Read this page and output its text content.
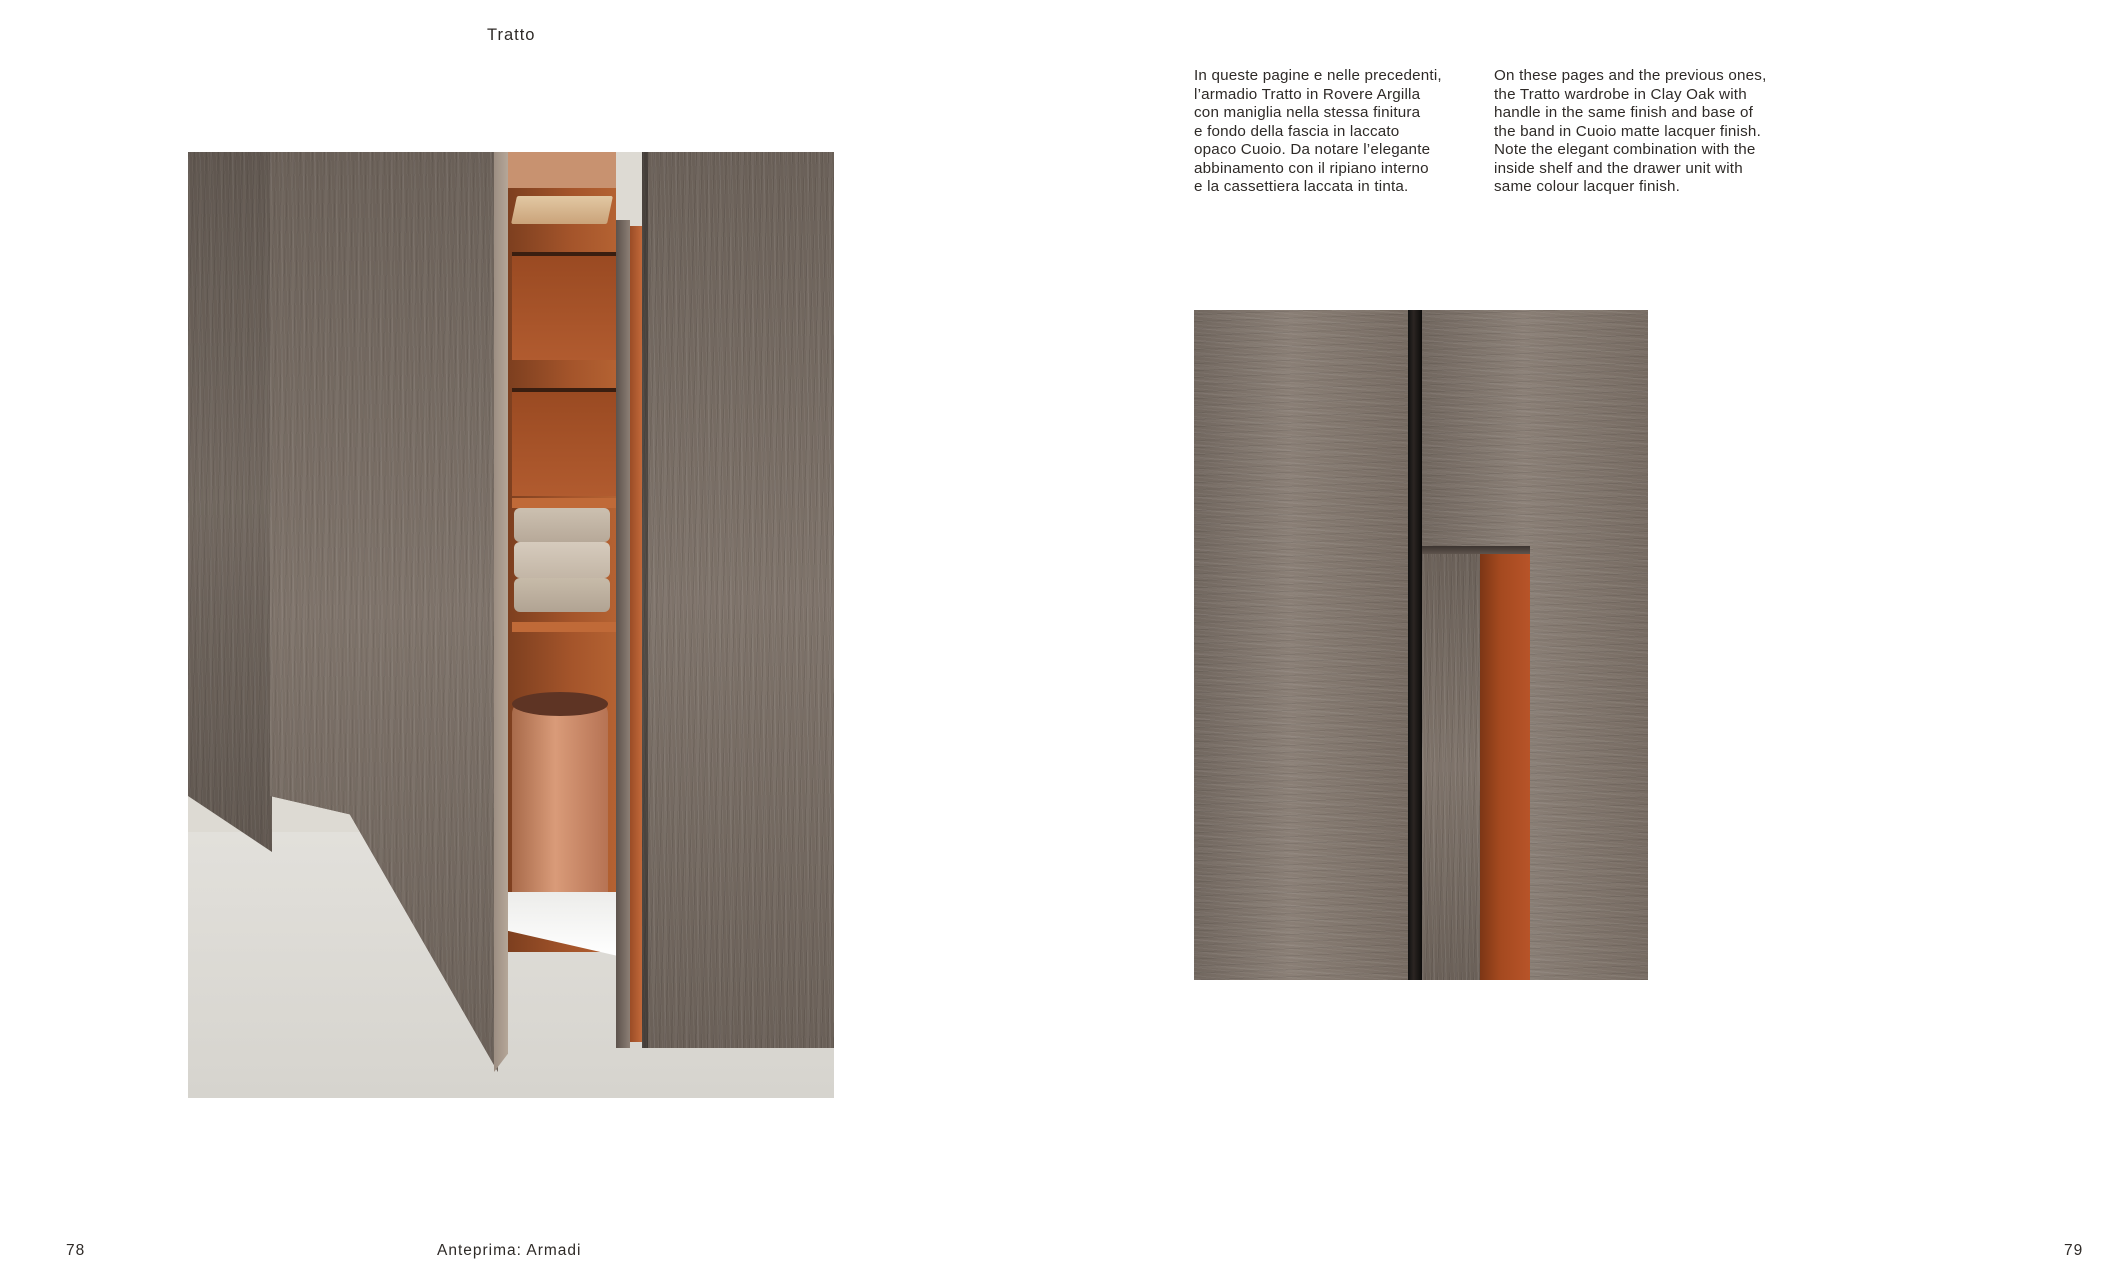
Tratto
In queste pagine e nelle precedenti,
l’armadio Tratto in Rovere Argilla
con maniglia nella stessa finitura
e fondo della fascia in laccato
opaco Cuoio. Da notare l’elegante
abbinamento con il ripiano interno
e la cassettiera laccata in tinta.
On these pages and the previous ones,
the Tratto wardrobe in Clay Oak with
handle in the same finish and base of
the band in Cuoio matte lacquer finish.
Note the elegant combination with the
inside shelf and the drawer unit with
same colour lacquer finish.
78	Anteprima: Armadi	79
